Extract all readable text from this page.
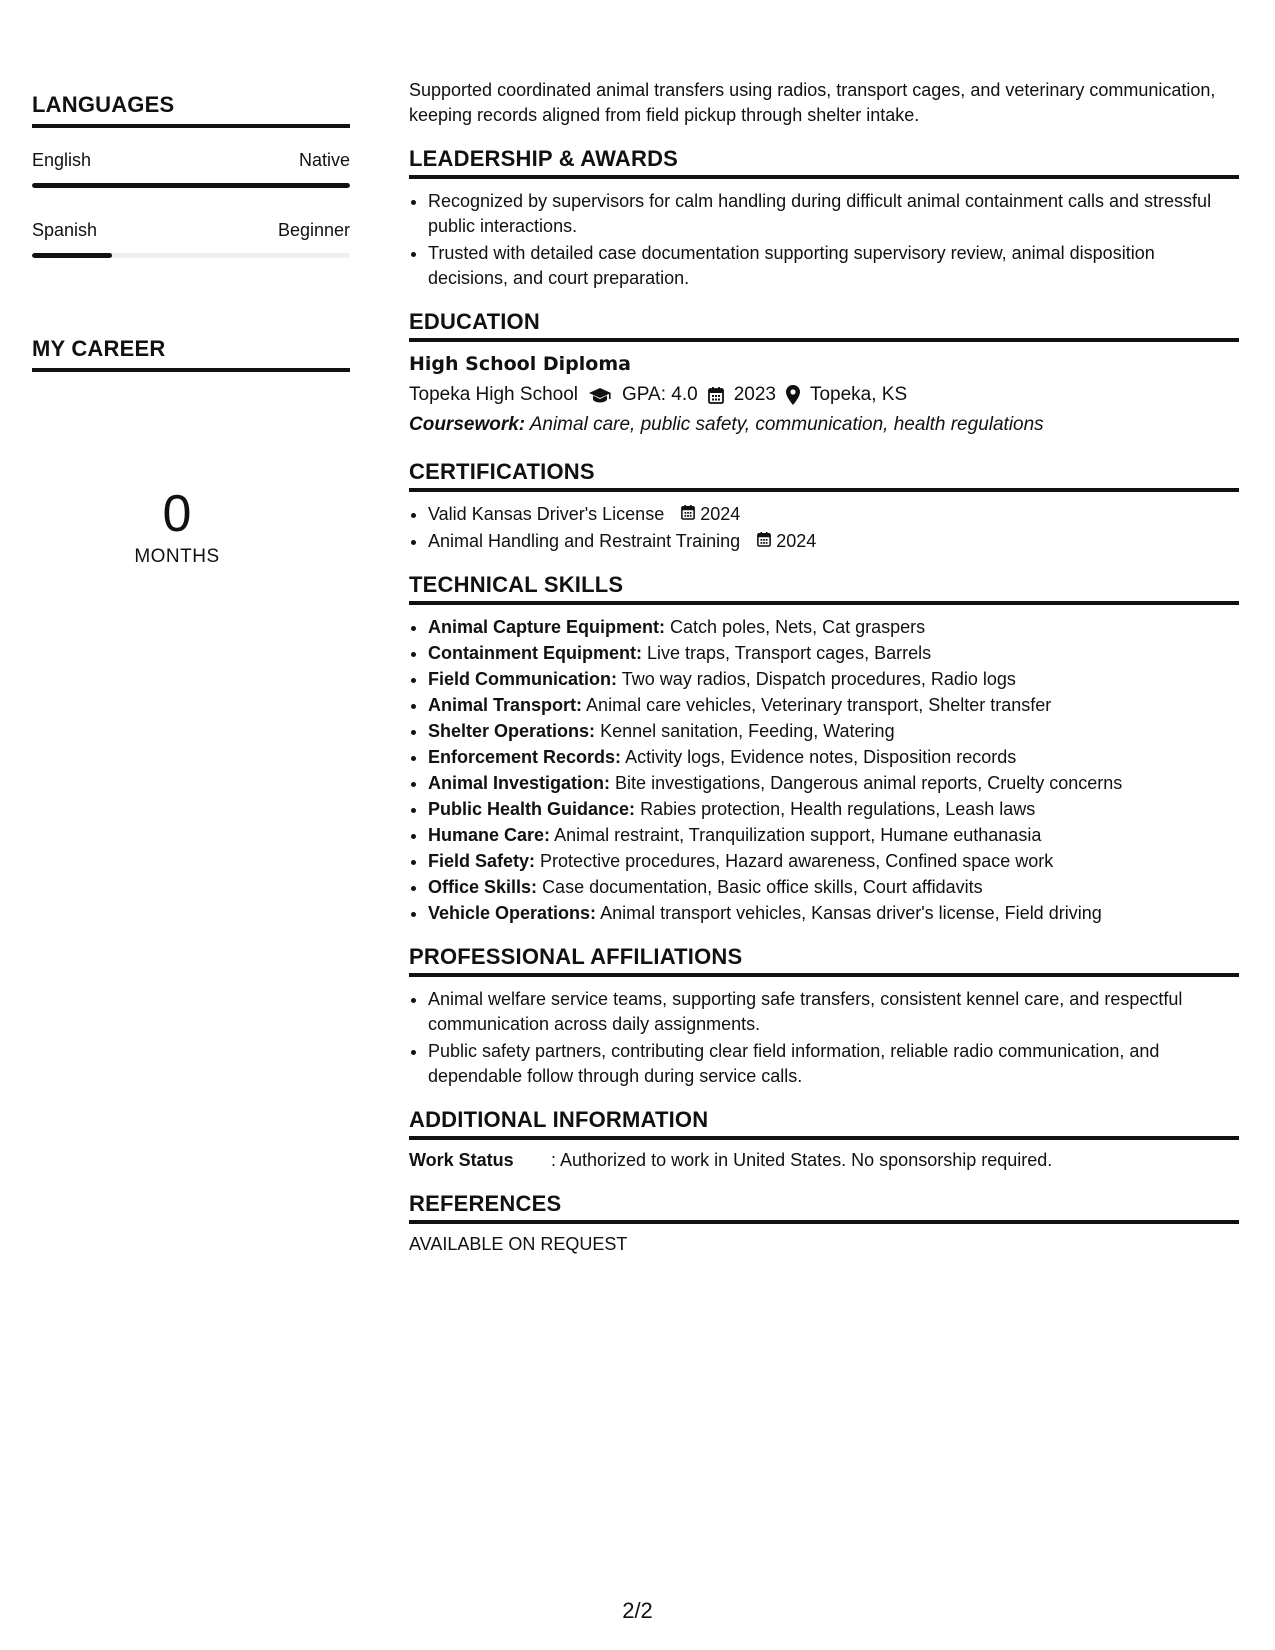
LANGUAGES
English	Native
Spanish	Beginner
MY CAREER
0
MONTHS

Supported coordinated animal transfers using radios, transport cages, and veterinary communication, keeping records aligned from field pickup through shelter intake.

LEADERSHIP & AWARDS
• Recognized by supervisors for calm handling during difficult animal containment calls and stressful public interactions.
• Trusted with detailed case documentation supporting supervisory review, animal disposition decisions, and court preparation.
EDUCATION
High School Diploma
Topeka High School GPA: 4.0 2023 Topeka, KS
Coursework: Animal care, public safety, communication, health regulations
CERTIFICATIONS
• Valid Kansas Driver's License 2024
• Animal Handling and Restraint Training 2024
TECHNICAL SKILLS
• Animal Capture Equipment: Catch poles, Nets, Cat graspers
• Containment Equipment: Live traps, Transport cages, Barrels
• Field Communication: Two way radios, Dispatch procedures, Radio logs
• Animal Transport: Animal care vehicles, Veterinary transport, Shelter transfer
• Shelter Operations: Kennel sanitation, Feeding, Watering
• Enforcement Records: Activity logs, Evidence notes, Disposition records
• Animal Investigation: Bite investigations, Dangerous animal reports, Cruelty concerns
• Public Health Guidance: Rabies protection, Health regulations, Leash laws
• Humane Care: Animal restraint, Tranquilization support, Humane euthanasia
• Field Safety: Protective procedures, Hazard awareness, Confined space work
• Office Skills: Case documentation, Basic office skills, Court affidavits
• Vehicle Operations: Animal transport vehicles, Kansas driver's license, Field driving
PROFESSIONAL AFFILIATIONS
• Animal welfare service teams, supporting safe transfers, consistent kennel care, and respectful communication across daily assignments.
• Public safety partners, contributing clear field information, reliable radio communication, and dependable follow through during service calls.
ADDITIONAL INFORMATION
Work Status	: Authorized to work in United States. No sponsorship required.
REFERENCES
AVAILABLE ON REQUEST
2/2
